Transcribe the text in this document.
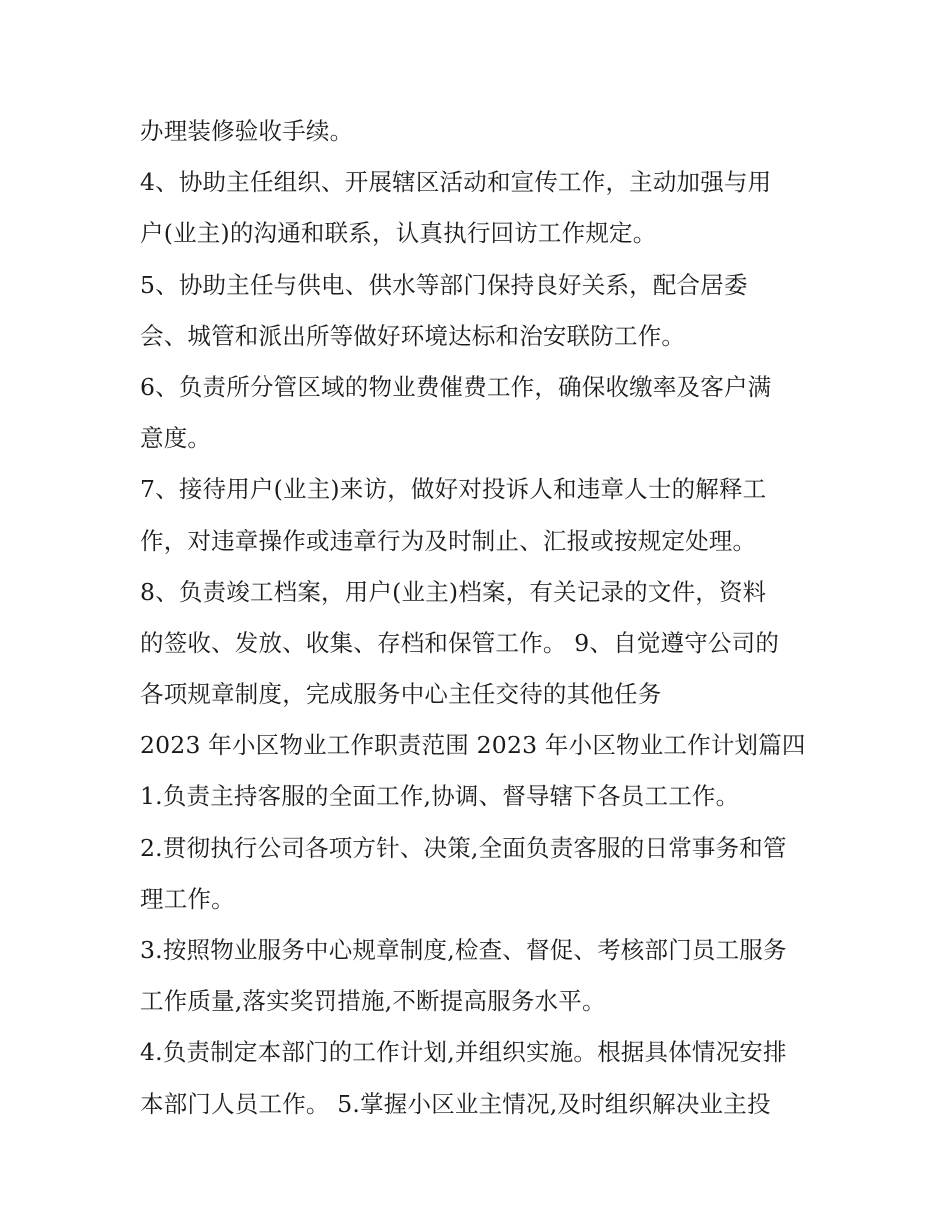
办理装修验收手续。
4、协助主任组织、开展辖区活动和宣传工作，主动加强与用
户(业主)的沟通和联系，认真执行回访工作规定。
5、协助主任与供电、供水等部门保持良好关系，配合居委
会、城管和派出所等做好环境达标和治安联防工作。
6、负责所分管区域的物业费催费工作，确保收缴率及客户满
意度。
7、接待用户(业主)来访，做好对投诉人和违章人士的解释工
作，对违章操作或违章行为及时制止、汇报或按规定处理。
8、负责竣工档案，用户(业主)档案，有关记录的文件，资料
的签收、发放、收集、存档和保管工作。 9、自觉遵守公司的
各项规章制度，完成服务中心主任交待的其他任务
2023 年小区物业工作职责范围 2023 年小区物业工作计划篇四
1.负责主持客服的全面工作,协调、督导辖下各员工工作。
2.贯彻执行公司各项方针、决策,全面负责客服的日常事务和管
理工作。
3.按照物业服务中心规章制度,检查、督促、考核部门员工服务
工作质量,落实奖罚措施,不断提高服务水平。
4.负责制定本部门的工作计划,并组织实施。根据具体情况安排
本部门人员工作。 5.掌握小区业主情况,及时组织解决业主投
